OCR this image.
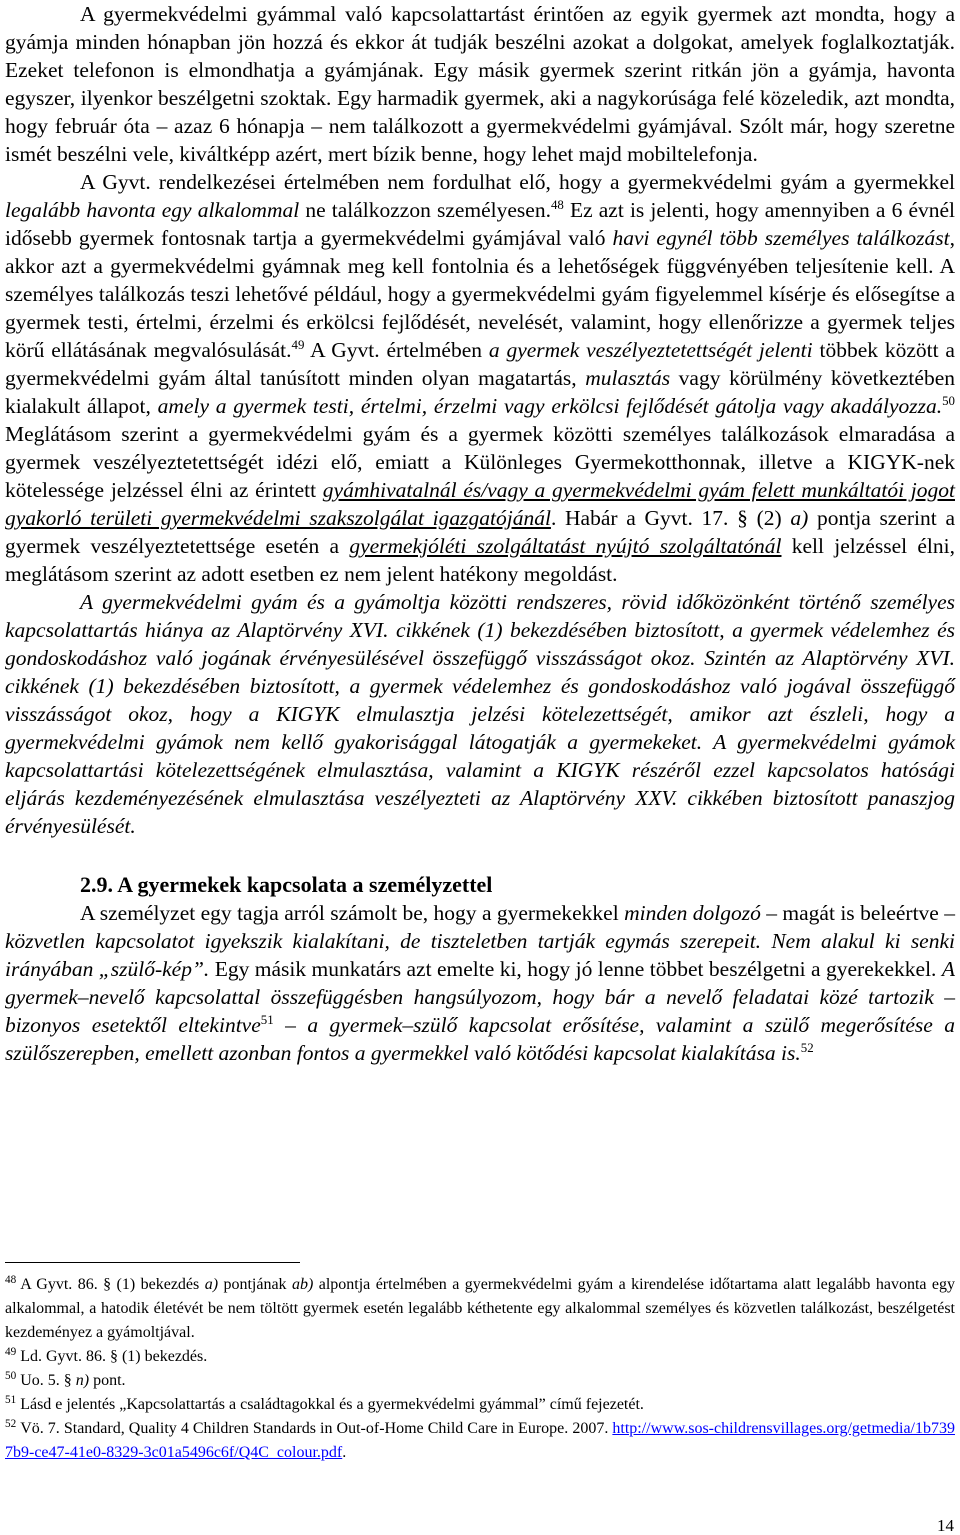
A gyermekvédelmi gyámmal való kapcsolattartást érintően az egyik gyermek azt mondta, hogy a gyámja minden hónapban jön hozzá és ekkor át tudják beszélni azokat a dolgokat, amelyek foglalkoztatják. Ezeket telefonon is elmondhatja a gyámjának. Egy másik gyermek szerint ritkán jön a gyámja, havonta egyszer, ilyenkor beszélgetni szoktak. Egy harmadik gyermek, aki a nagykorúsága felé közeledik, azt mondta, hogy február óta – azaz 6 hónapja – nem találkozott a gyermekvédelmi gyámjával. Szólt már, hogy szeretne ismét beszélni vele, kiváltképp azért, mert bízik benne, hogy lehet majd mobiltelefonja.

A Gyvt. rendelkezései értelmében nem fordulhat elő, hogy a gyermekvédelmi gyám a gyermekkel legalább havonta egy alkalommal ne találkozzon személyesen.$^{48}$ Ez azt is jelenti, hogy amennyiben a 6 évnél idősebb gyermek fontosnak tartja a gyermekvédelmi gyámjával való havi egynél több személyes találkozást, akkor azt a gyermekvédelmi gyámnak meg kell fontolnia és a lehetőségek függvényében teljesítenie kell. A személyes találkozás teszi lehetővé például, hogy a gyermekvédelmi gyám figyelemmel kísérje és elősegítse a gyermek testi, értelmi, érzelmi és erkölcsi fejlődését, nevelését, valamint, hogy ellenőrizze a gyermek teljes körű ellátásának megvalósulását.$^{49}$ A Gyvt. értelmében a gyermek veszélyeztetettségét jelenti többek között a gyermekvédelmi gyám által tanúsított minden olyan magatartás, mulasztás vagy körülmény következtében kialakult állapot, amely a gyermek testi, értelmi, érzelmi vagy erkölcsi fejlődését gátolja vagy akadályozza.$^{50}$ Meglátásom szerint a gyermekvédelmi gyám és a gyermek közötti személyes találkozások elmaradása a gyermek veszélyeztetettségét idézi elő, emiatt a Különleges Gyermekotthonnak, illetve a KIGYK-nek kötelessége jelzéssel élni az érintett gyámhivatalnál és/vagy a gyermekvédelmi gyám felett munkáltatói jogot gyakorló területi gyermekvédelmi szakszolgálat igazgatójánál. Habár a Gyvt. 17. § (2) a) pontja szerint a gyermek veszélyeztetettsége esetén a gyermekjóléti szolgáltatást nyújtó szolgáltatónál kell jelzéssel élni, meglátásom szerint az adott esetben ez nem jelent hatékony megoldást.

A gyermekvédelmi gyám és a gyámoltja közötti rendszeres, rövid időközönként történő személyes kapcsolattartás hiánya az Alaptörvény XVI. cikkének (1) bekezdésében biztosított, a gyermek védelemhez és gondoskodáshoz való jogának érvényesülésével összefüggő visszásságot okoz. Szintén az Alaptörvény XVI. cikkének (1) bekezdésében biztosított, a gyermek védelemhez és gondoskodáshoz való jogával összefüggő visszásságot okoz, hogy a KIGYK elmulasztja jelzési kötelezettségét, amikor azt észleli, hogy a gyermekvédelmi gyámok nem kellő gyakorisággal látogatják a gyermekeket. A gyermekvédelmi gyámok kapcsolattartási kötelezettségének elmulasztása, valamint a KIGYK részéről ezzel kapcsolatos hatósági eljárás kezdeményezésének elmulasztása veszélyezteti az Alaptörvény XXV. cikkében biztosított panaszjog érvényesülését.

2.9. A gyermekek kapcsolata a személyzettel

A személyzet egy tagja arról számolt be, hogy a gyermekekkel minden dolgozó – magát is beleértve – közvetlen kapcsolatot igyekszik kialakítani, de tiszteletben tartják egymás szerepeit. Nem alakul ki senki irányában „szülő-kép”. Egy másik munkatárs azt emelte ki, hogy jó lenne többet beszélgetni a gyerekekkel. A gyermek–nevelő kapcsolattal összefüggésben hangsúlyozom, hogy bár a nevelő feladatai közé tartozik – bizonyos esetektől eltekintve$^{51}$ – a gyermek–szülő kapcsolat erősítése, valamint a szülő megerősítése a szülőszerepben, emellett azonban fontos a gyermekkel való kötődési kapcsolat kialakítása is.$^{52}$

$^{48}$ A Gyvt. 86. § (1) bekezdés a) pontjának ab) alpontja értelmében a gyermekvédelmi gyám a kirendelése időtartama alatt legalább havonta egy alkalommal, a hatodik életévét be nem töltött gyermek esetén legalább kéthetente egy alkalommal személyes és közvetlen találkozást, beszélgetést kezdeményez a gyámoltjával.
$^{49}$ Ld. Gyvt. 86. § (1) bekezdés.
$^{50}$ Uo. 5. § n) pont.
$^{51}$ Lásd e jelentés „Kapcsolattartás a családtagokkal és a gyermekvédelmi gyámmal” című fejezetét.
$^{52}$ Vö. 7. Standard, Quality 4 Children Standards in Out-of-Home Child Care in Europe. 2007. http://www.sos-childrensvillages.org/getmedia/1b7397b9-ce47-41e0-8329-3c01a5496c6f/Q4C_colour.pdf.
14
